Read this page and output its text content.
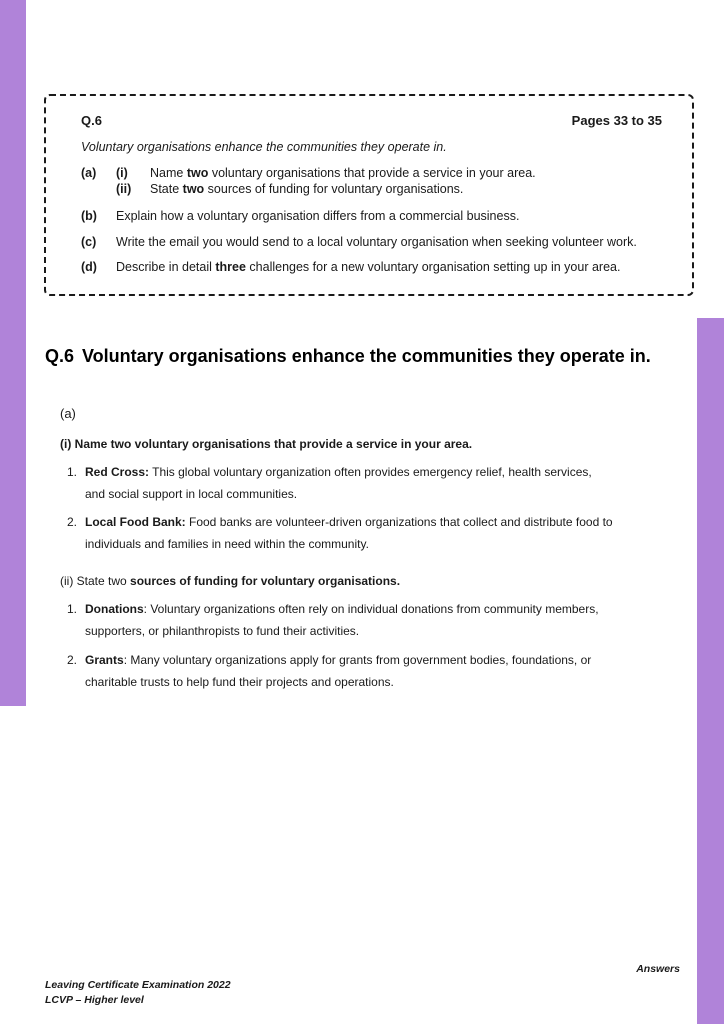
Q.6	Pages 33 to 35
Voluntary organisations enhance the communities they operate in.
(a) (i) Name two voluntary organisations that provide a service in your area.
(ii) State two sources of funding for voluntary organisations.
(b) Explain how a voluntary organisation differs from a commercial business.
(c) Write the email you would send to a local voluntary organisation when seeking volunteer work.
(d) Describe in detail three challenges for a new voluntary organisation setting up in your area.
Q.6 Voluntary organisations enhance the communities they operate in.
(a)
(i) Name two voluntary organisations that provide a service in your area.
1. Red Cross: This global voluntary organization often provides emergency relief, health services, and social support in local communities.
2. Local Food Bank: Food banks are volunteer-driven organizations that collect and distribute food to individuals and families in need within the community.
(ii) State two sources of funding for voluntary organisations.
1. Donations: Voluntary organizations often rely on individual donations from community members, supporters, or philanthropists to fund their activities.
2. Grants: Many voluntary organizations apply for grants from government bodies, foundations, or charitable trusts to help fund their projects and operations.
Answers
Leaving Certificate Examination 2022
LCVP – Higher level
